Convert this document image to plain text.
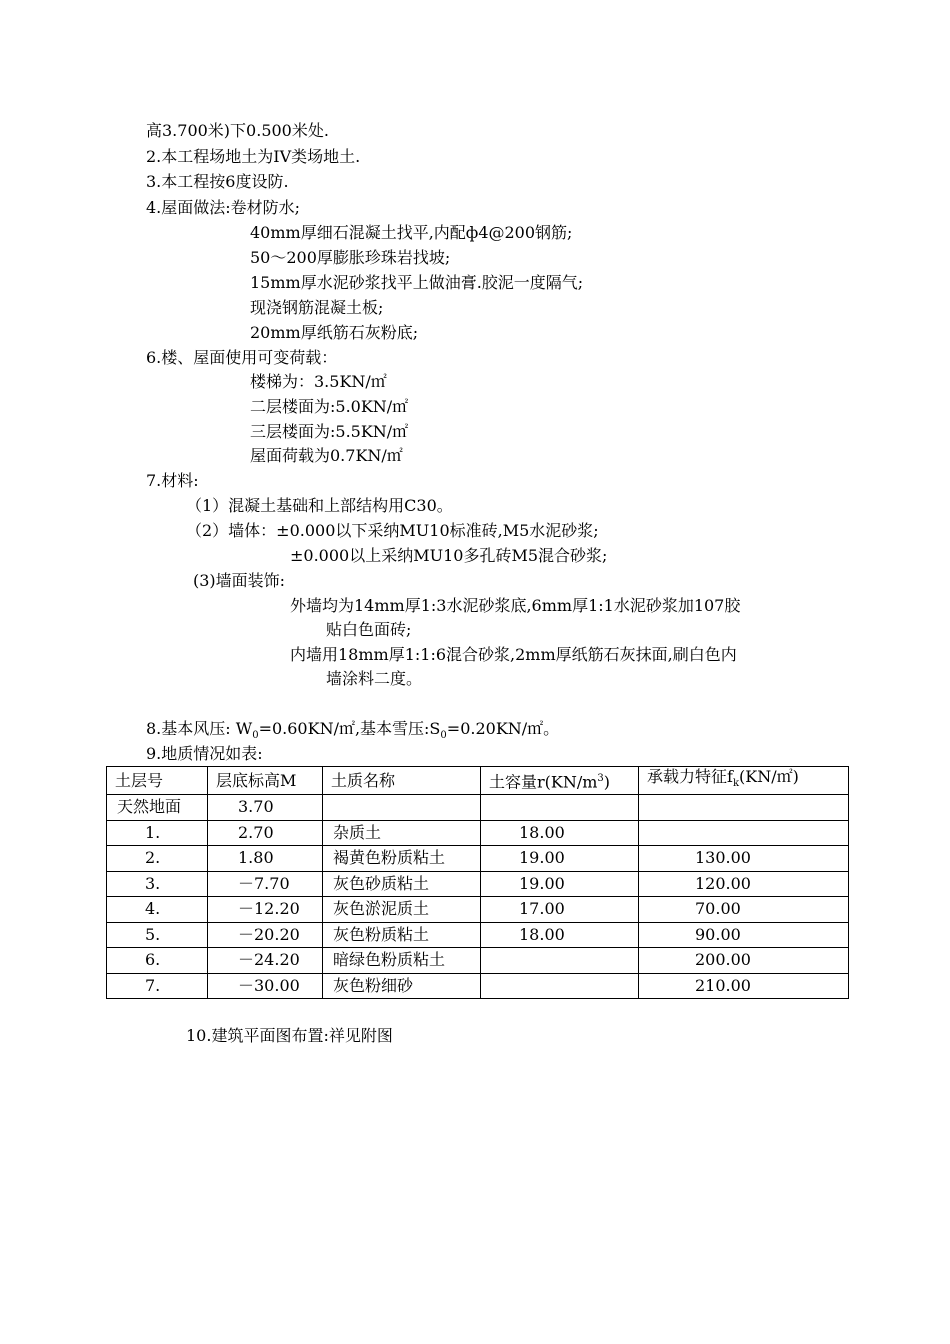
高3.700米)下0.500米处.
2.本工程场地土为IV类场地土.
3.本工程按6度设防.
4.屋面做法:卷材防水;
40mm厚细石混凝土找平,内配ф4@200钢筋;
50～200厚膨胀珍珠岩找坡;
15mm厚水泥砂浆找平上做油膏.胶泥一度隔气;
现浇钢筋混凝土板;
20mm厚纸筋石灰粉底;
6.楼、屋面使用可变荷载：
楼梯为：3.5KN/㎡
二层楼面为:5.0KN/㎡
三层楼面为:5.5KN/㎡
屋面荷载为0.7KN/㎡
7.材料:
（1）混凝土基础和上部结构用C30。
（2）墙体：±0.000以下采纳MU10标准砖,M5水泥砂浆;
±0.000以上采纳MU10多孔砖M5混合砂浆;
(3)墙面装饰:
外墙均为14mm厚1:3水泥砂浆底,6mm厚1:1水泥砂浆加107胶
贴白色面砖;
内墙用18mm厚1:1:6混合砂浆,2mm厚纸筋石灰抹面,刷白色内
墙涂料二度。
8.基本风压: $W_0=0.60KN/㎡$,基本雪压$:S_0=0.20KN/㎡$。
9.地质情况如表:
土层号	层底标高M	土质名称	土容量$r(KN/m^3)$	承载力特征$f_k(KN/㎡)$
天然地面	3.70			
1.	2.70	杂质土	18.00	
2.	1.80	褐黄色粉质粘土	19.00	130.00
3.	－7.70	灰色砂质粘土	19.00	120.00
4.	－12.20	灰色淤泥质土	17.00	70.00
5.	－20.20	灰色粉质粘土	18.00	90.00
6.	－24.20	暗绿色粉质粘土		200.00
7.	－30.00	灰色粉细砂		210.00
10.建筑平面图布置:祥见附图
